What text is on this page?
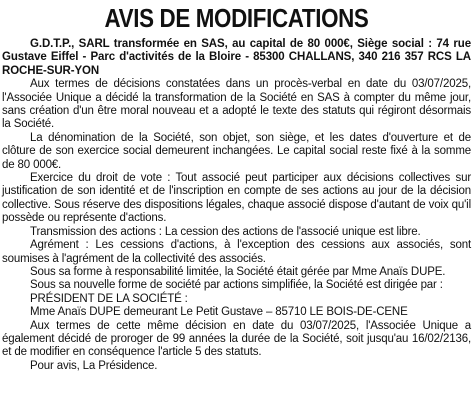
AVIS DE MODIFICATIONS

G.D.T.P., SARL transformée en SAS, au capital de 80 000€, Siège social : 74 rue Gustave Eiffel - Parc d'activités de la Bloire - 85300 CHALLANS, 340 216 357 RCS LA ROCHE-SUR-YON

Aux termes de décisions constatées dans un procès-verbal en date du 03/07/2025, l'Associée Unique a décidé la transformation de la Société en SAS à compter du même jour, sans création d'un être moral nouveau et a adopté le texte des statuts qui régiront désormais la Société.

La dénomination de la Société, son objet, son siège, et les dates d'ouverture et de clôture de son exercice social demeurent inchangées. Le capital social reste fixé à la somme de 80 000€.

Exercice du droit de vote : Tout associé peut participer aux décisions collectives sur justification de son identité et de l'inscription en compte de ses actions au jour de la décision collective. Sous réserve des dispositions légales, chaque associé dispose d'autant de voix qu'il possède ou représente d'actions.

Transmission des actions : La cession des actions de l'associé unique est libre.

Agrément : Les cessions d'actions, à l'exception des cessions aux associés, sont soumises à l'agrément de la collectivité des associés.

Sous sa forme à responsabilité limitée, la Société était gérée par Mme Anaïs DUPE.

Sous sa nouvelle forme de société par actions simplifiée, la Société est dirigée par :

PRÉSIDENT DE LA SOCIÉTÉ :

Mme Anaïs DUPE demeurant Le Petit Gustave – 85710 LE BOIS-DE-CENE

Aux termes de cette même décision en date du 03/07/2025, l'Associée Unique a également décidé de proroger de 99 années la durée de la Société, soit jusqu'au 16/02/2136, et de modifier en conséquence l'article 5 des statuts.

Pour avis, La Présidence.
